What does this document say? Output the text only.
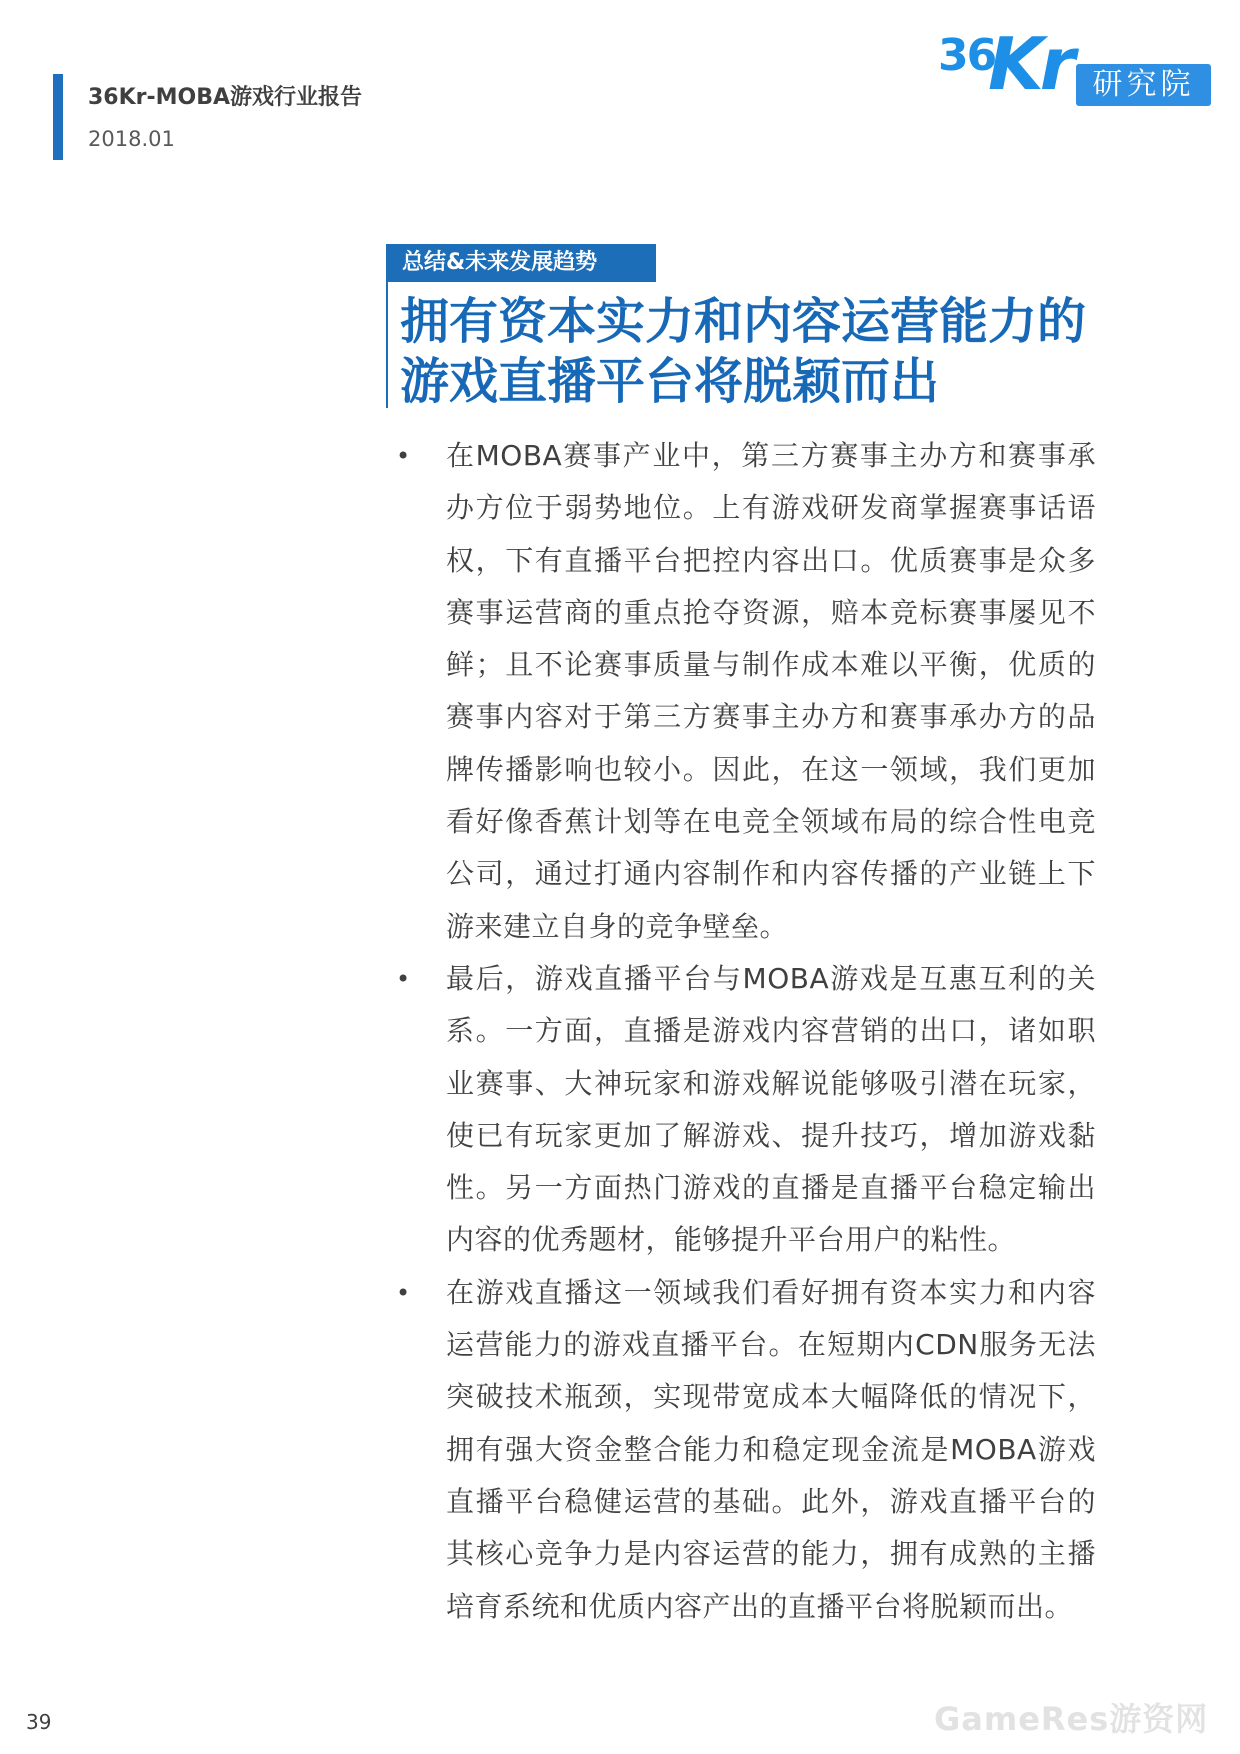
36Kr-MOBA游戏行业报告
2018.01
36
Kr 研究院
总结&未来发展趋势
拥有资本实力和内容运营能力的
游戏直播平台将脱颖而出
• 在MOBA赛事产业中，第三方赛事主办方和赛事承办方位于弱势地位。上有游戏研发商掌握赛事话语权，下有直播平台把控内容出口。优质赛事是众多赛事运营商的重点抢夺资源，赔本竞标赛事屡见不鲜；且不论赛事质量与制作成本难以平衡，优质的赛事内容对于第三方赛事主办方和赛事承办方的品牌传播影响也较小。因此，在这一领域，我们更加看好像香蕉计划等在电竞全领域布局的综合性电竞公司，通过打通内容制作和内容传播的产业链上下游来建立自身的竞争壁垒。
• 最后，游戏直播平台与MOBA游戏是互惠互利的关系。一方面，直播是游戏内容营销的出口，诸如职业赛事、大神玩家和游戏解说能够吸引潜在玩家，使已有玩家更加了解游戏、提升技巧，增加游戏黏性。另一方面热门游戏的直播是直播平台稳定输出内容的优秀题材，能够提升平台用户的粘性。
• 在游戏直播这一领域我们看好拥有资本实力和内容运营能力的游戏直播平台。在短期内CDN服务无法突破技术瓶颈，实现带宽成本大幅降低的情况下，拥有强大资金整合能力和稳定现金流是MOBA游戏直播平台稳健运营的基础。此外，游戏直播平台的其核心竞争力是内容运营的能力，拥有成熟的主播培育系统和优质内容产出的直播平台将脱颖而出。
39	GameRes游资网
